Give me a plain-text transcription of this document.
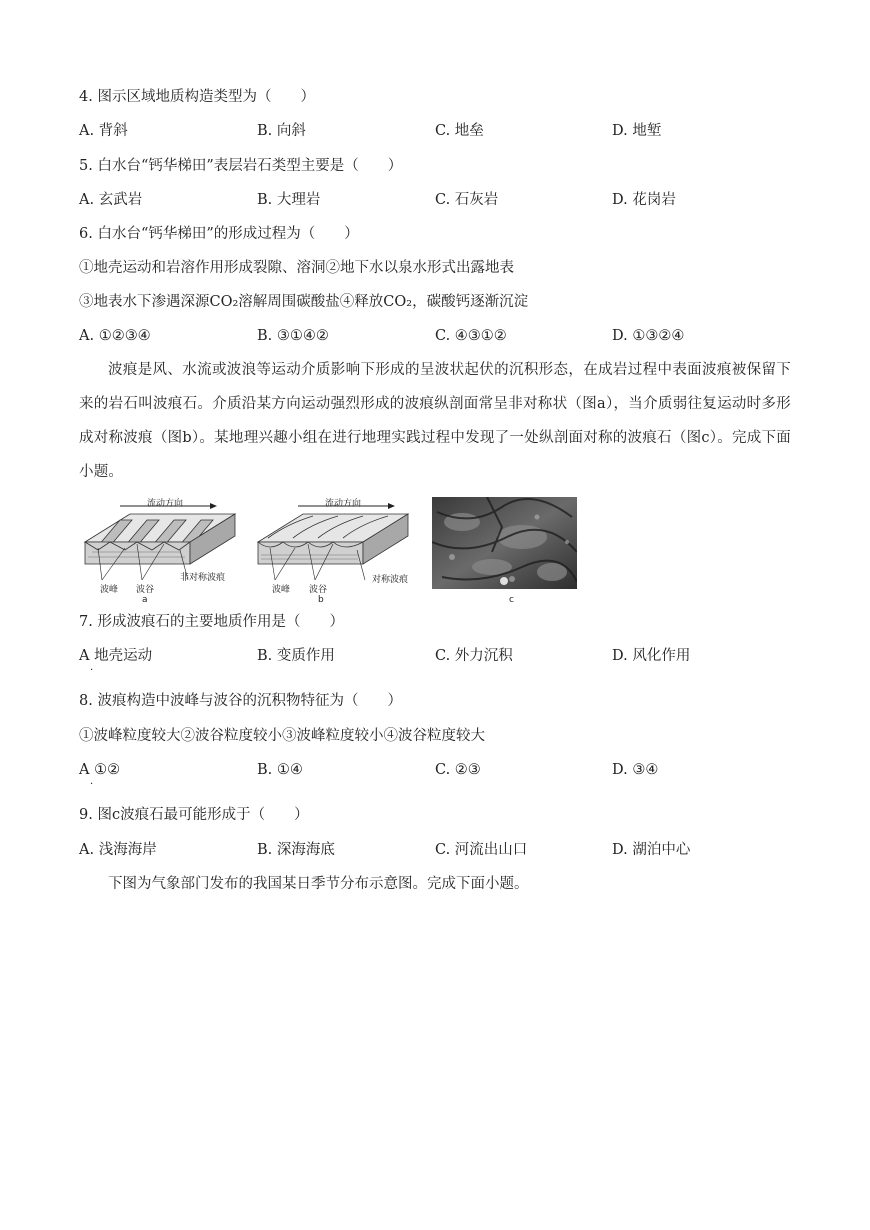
4. 图示区域地质构造类型为（　　）
A. 背斜	B. 向斜	C. 地垒	D. 地堑
5. 白水台“钙华梯田”表层岩石类型主要是（　　）
A. 玄武岩	B. 大理岩	C. 石灰岩	D. 花岗岩
6. 白水台“钙华梯田”的形成过程为（　　）
①地壳运动和岩溶作用形成裂隙、溶洞②地下水以泉水形式出露地表
③地表水下渗遇深源CO₂溶解周围碳酸盐④释放CO₂，碳酸钙逐渐沉淀
A. ①②③④	B. ③①④②	C. ④③①②	D. ①③②④
波痕是风、水流或波浪等运动介质影响下形成的呈波状起伏的沉积形态，在成岩过程中表面波痕被保留下来的岩石叫波痕石。介质沿某方向运动强烈形成的波痕纵剖面常呈非对称状（图a），当介质弱往复运动时多形成对称波痕（图b）。某地理兴趣小组在进行地理实践过程中发现了一处纵剖面对称的波痕石（图c）。完成下面小题。
流动方向
波峰 波谷
非对称波痕
a
流动方向
波峰 波谷
对称波痕
b	c
7. 形成波痕石的主要地质作用是（　　）
A 地壳运动
·
B. 变质作用	C. 外力沉积	D. 风化作用
8. 波痕构造中波峰与波谷的沉积物特征为（　　）
①波峰粒度较大②波谷粒度较小③波峰粒度较小④波谷粒度较大
A ①②
·
B. ①④	C. ②③	D. ③④
9. 图c波痕石最可能形成于（　　）
A. 浅海海岸	B. 深海海底	C. 河流出山口	D. 湖泊中心
下图为气象部门发布的我国某日季节分布示意图。完成下面小题。
